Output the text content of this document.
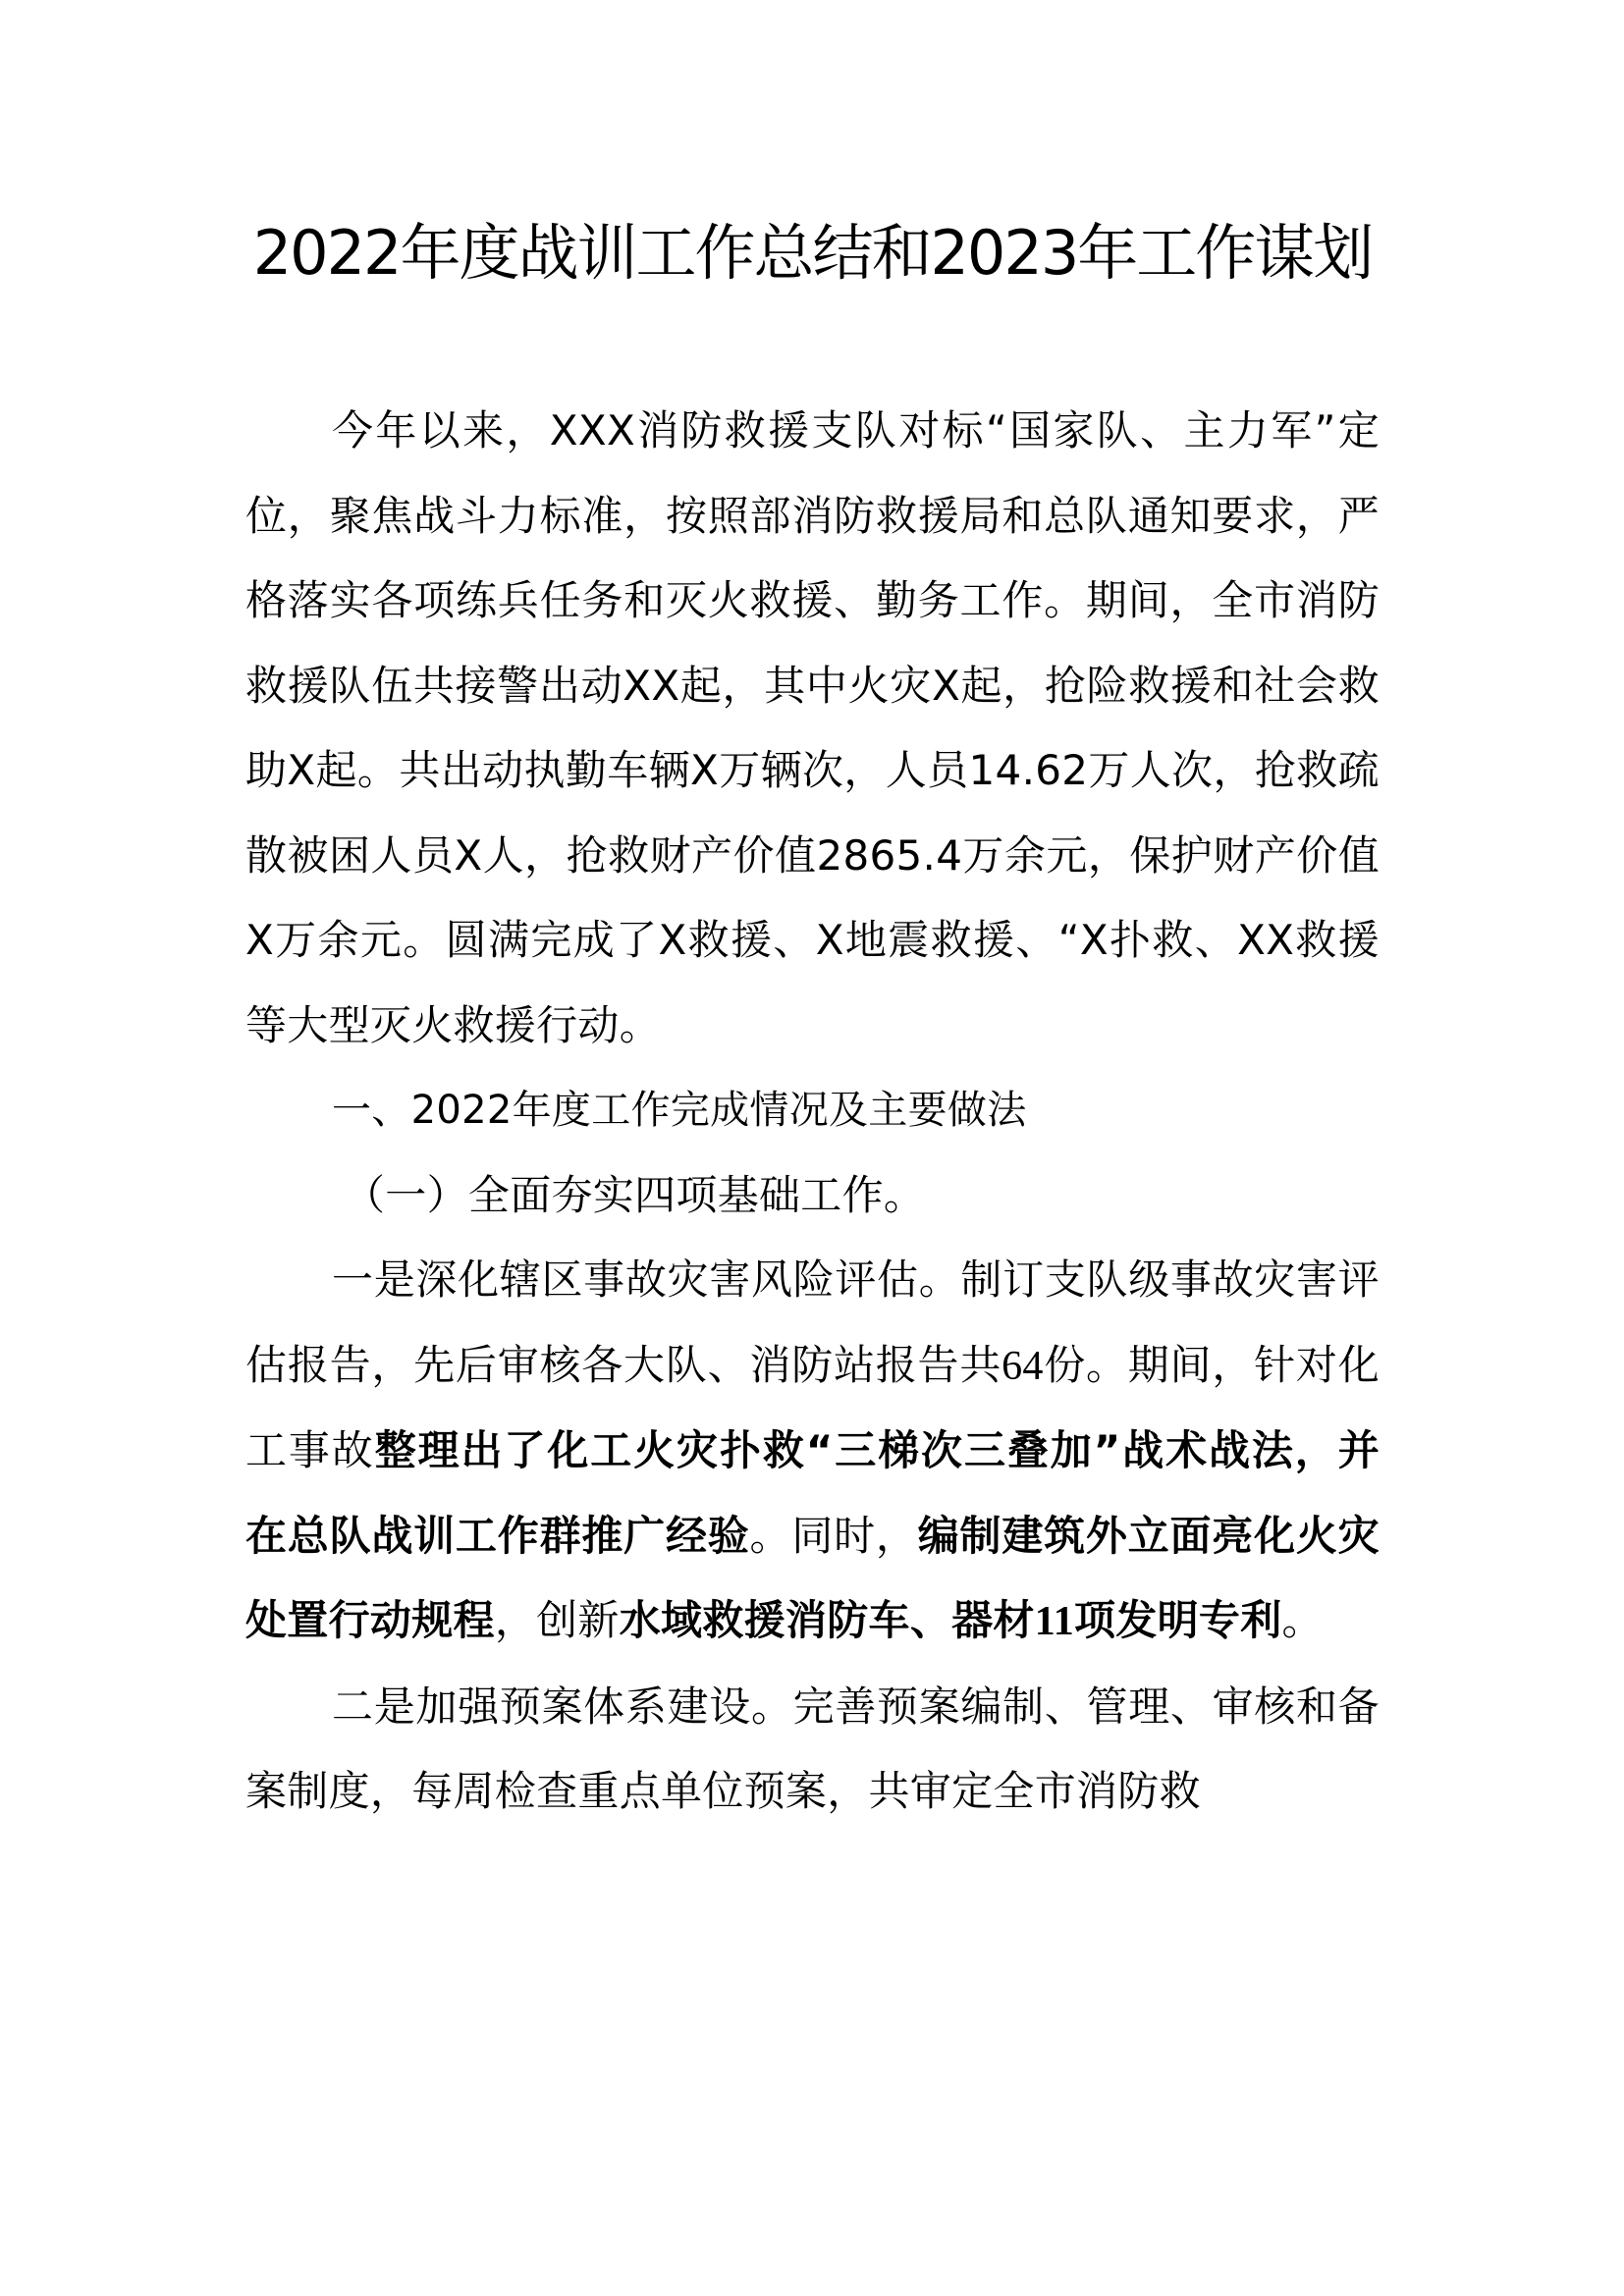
2022年度战训工作总结和2023年工作谋划

今年以来，XXX消防救援支队对标“国家队、主力军”定位，聚焦战斗力标准，按照部消防救援局和总队通知要求，严格落实各项练兵任务和灭火救援、勤务工作。期间，全市消防救援队伍共接警出动XX起，其中火灾X起，抢险救援和社会救助X起。共出动执勤车辆X万辆次，人员14.62万人次，抢救疏散被困人员X人，抢救财产价值2865.4万余元，保护财产价值X万余元。圆满完成了X救援、X地震救援、“X扑救、XX救援等大型灭火救援行动。

一、2022年度工作完成情况及主要做法

（一）全面夯实四项基础工作。

一是深化辖区事故灾害风险评估。制订支队级事故灾害评估报告，先后审核各大队、消防站报告共64份。期间，针对化工事故整理出了化工火灾扑救“三梯次三叠加”战术战法，并在总队战训工作群推广经验。同时，编制建筑外立面亮化火灾处置行动规程，创新水域救援消防车、器材11项发明专利。

二是加强预案体系建设。完善预案编制、管理、审核和备案制度，每周检查重点单位预案，共审定全市消防救
